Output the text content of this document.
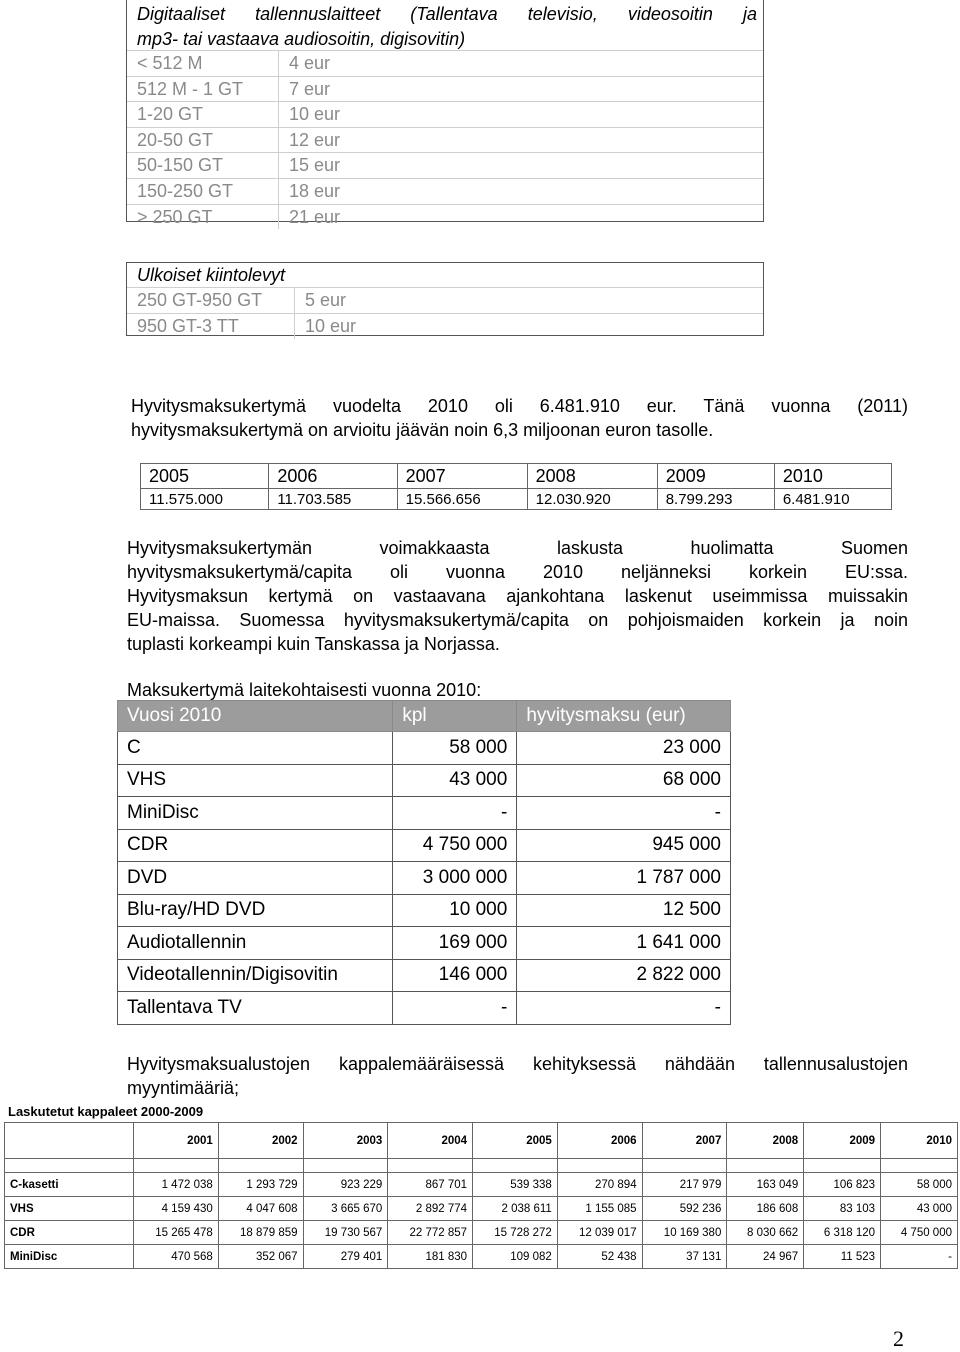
Digitaaliset tallennuslaitteet (Tallentava televisio, videosoitin ja
mp3- tai vastaava audiosoitin, digisovitin)
< 512 M	4 eur
512 M - 1 GT	7 eur
1-20 GT	10 eur
20-50 GT	12 eur
50-150 GT	15 eur
150-250 GT	18 eur
> 250 GT	21 eur
Ulkoiset kiintolevyt
250 GT-950 GT	5 eur
950 GT-3 TT	10 eur
Hyvitysmaksukertymä vuodelta 2010 oli 6.481.910 eur. Tänä vuonna (2011)
hyvitysmaksukertymä on arvioitu jäävän noin 6,3 miljoonan euron tasolle.
2005	2006	2007	2008	2009	2010
11.575.000	11.703.585	15.566.656	12.030.920	8.799.293	6.481.910
Hyvitysmaksukertymän voimakkaasta laskusta huolimatta Suomen
hyvitysmaksukertymä/capita oli vuonna 2010 neljänneksi korkein EU:ssa.
Hyvitysmaksun kertymä on vastaavana ajankohtana laskenut useimmissa muissakin
EU-maissa. Suomessa hyvitysmaksukertymä/capita on pohjoismaiden korkein ja noin
tuplasti korkeampi kuin Tanskassa ja Norjassa.
Maksukertymä laitekohtaisesti vuonna 2010:
Vuosi 2010	kpl	hyvitysmaksu (eur)
C	58 000	23 000
VHS	43 000	68 000
MiniDisc	-	-
CDR	4 750 000	945 000
DVD	3 000 000	1 787 000
Blu-ray/HD DVD	10 000	12 500
Audiotallennin	169 000	1 641 000
Videotallennin/Digisovitin	146 000	2 822 000
Tallentava TV	-	-
Hyvitysmaksualustojen kappalemääräisessä kehityksessä nähdään tallennusalustojen
myyntimääriä;
Laskutetut kappaleet 2000-2009
	2001	2002	2003	2004	2005	2006	2007	2008	2009	2010

C-kasetti	1 472 038	1 293 729	923 229	867 701	539 338	270 894	217 979	163 049	106 823	58 000
VHS	4 159 430	4 047 608	3 665 670	2 892 774	2 038 611	1 155 085	592 236	186 608	83 103	43 000
CDR	15 265 478	18 879 859	19 730 567	22 772 857	15 728 272	12 039 017	10 169 380	8 030 662	6 318 120	4 750 000
MiniDisc	470 568	352 067	279 401	181 830	109 082	52 438	37 131	24 967	11 523	-
2
